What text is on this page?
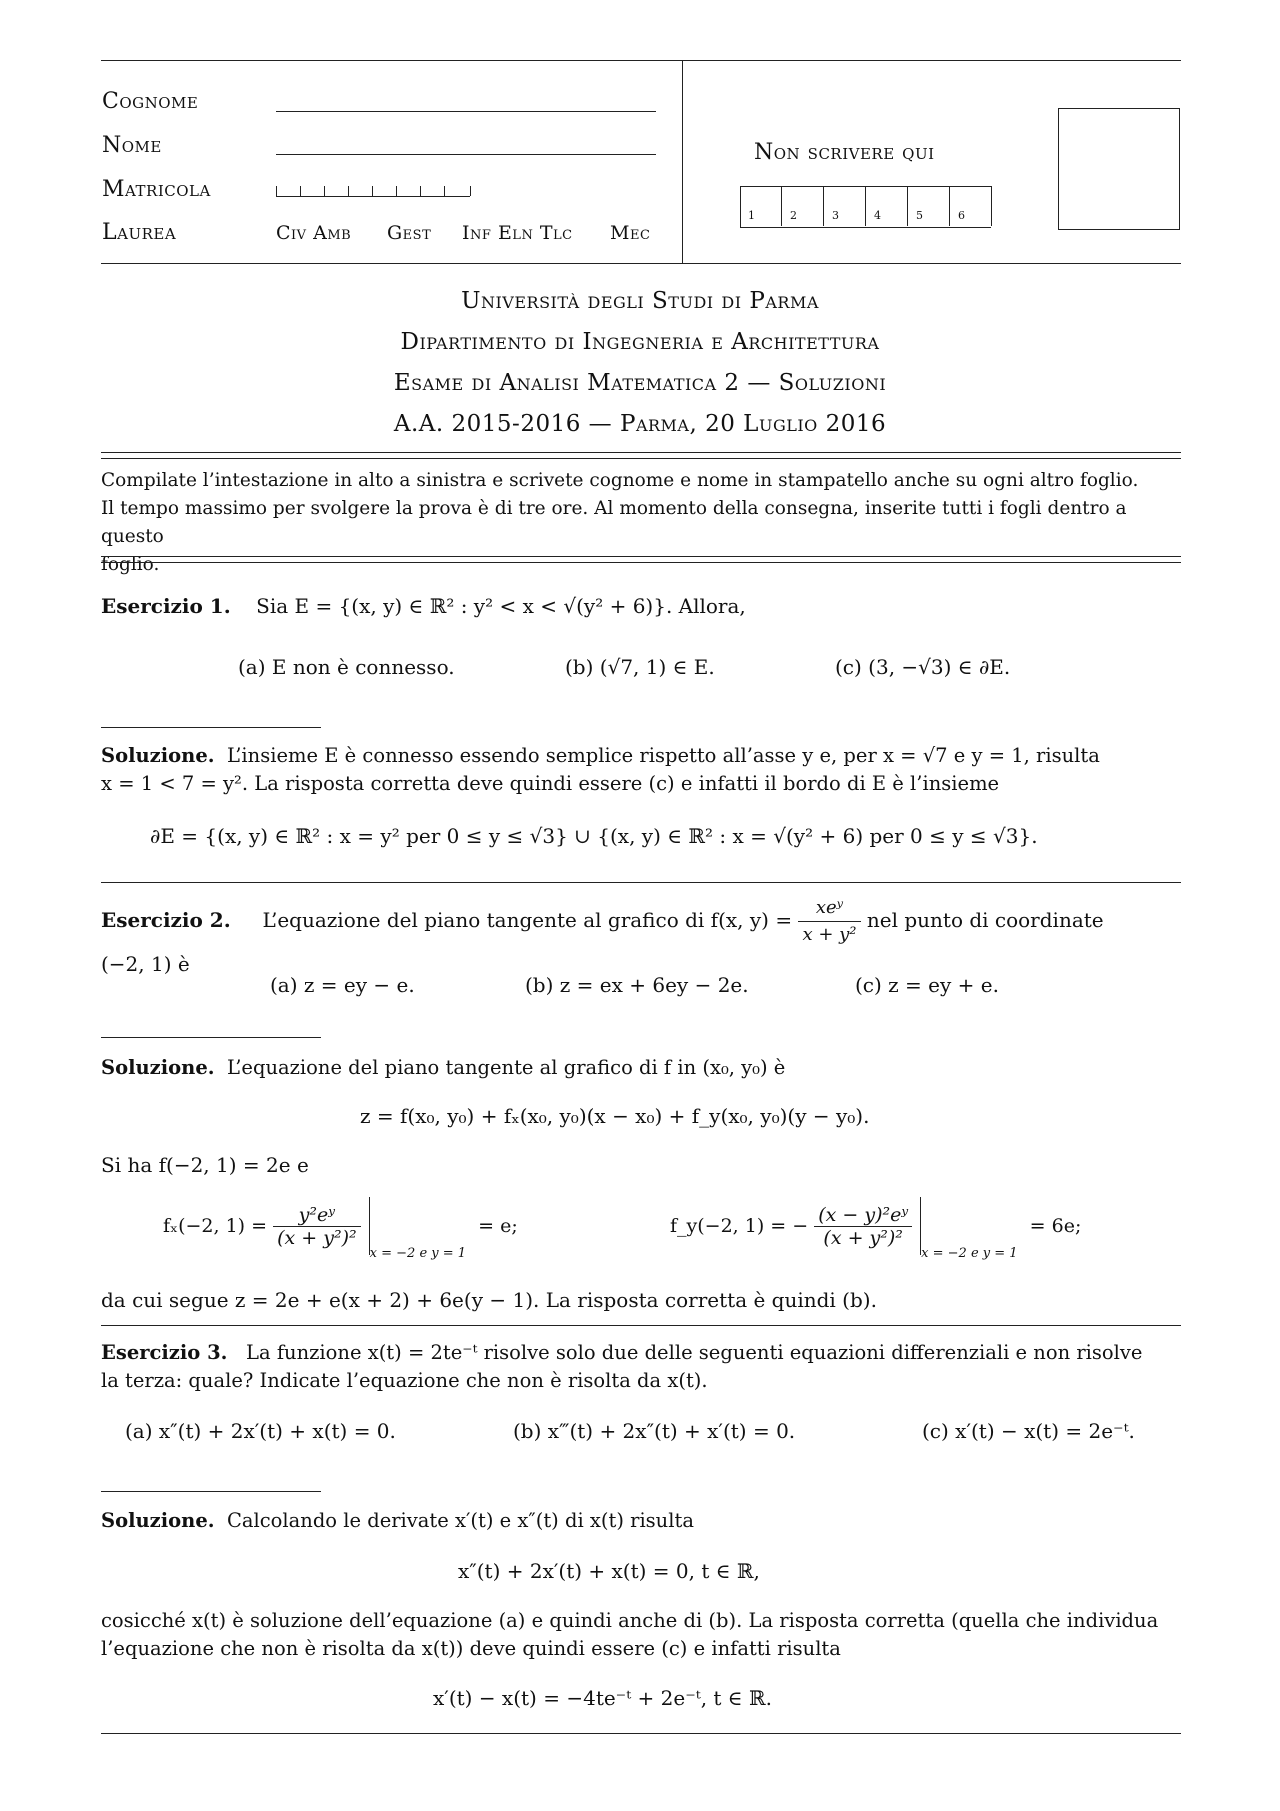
Cognome
Nome
Matricola
Laurea	Civ Amb Gest Inf Eln Tlc Mec
Non scrivere qui
1	2	3	4	5	6
Università degli Studi di Parma
Dipartimento di Ingegneria e Architettura
Esame di Analisi Matematica 2 — Soluzioni
A.A. 2015-2016 — Parma, 20 Luglio 2016
Compilate l’intestazione in alto a sinistra e scrivete cognome e nome in stampatello anche su ogni altro foglio.
Il tempo massimo per svolgere la prova è di tre ore. Al momento della consegna, inserite tutti i fogli dentro a questo
foglio.
Esercizio 1. Sia E = {(x, y) ∈ ℝ² : y² < x < √(y² + 6)}. Allora,
(a) E non è connesso.	(b) (√7, 1) ∈ E.	(c) (3, −√3) ∈ ∂E.
Soluzione. L’insieme E è connesso essendo semplice rispetto all’asse y e, per x = √7 e y = 1, risulta
x = 1 < 7 = y². La risposta corretta deve quindi essere (c) e infatti il bordo di E è l’insieme
∂E = {(x, y) ∈ ℝ² : x = y² per 0 ≤ y ≤ √3} ∪ {(x, y) ∈ ℝ² : x = √(y² + 6) per 0 ≤ y ≤ √3}.
Esercizio 2. L’equazione del piano tangente al grafico di f(x, $y) = \frac{\text{xeʸ}}{\text{x + y²}}$ nel punto di coordinate
(−2, 1) è
(a) z = ey − e.	(b) z = ex + 6ey − 2e.	(c) z = ey + e.
Soluzione. L’equazione del piano tangente al grafico di f in (x₀, y₀) è
z = f(x₀, y₀) + fₓ(x₀, y₀)(x − x₀) + f_y(x₀, y₀)(y − y₀).
Si ha f(−2, 1) = 2e e
fₓ(−2, $1) = \frac{\text{y²eʸ}}{\text{(x + y²)²}}$
$_{x = -2 e y = 1}$  = e;	f_y(−2, 1) = − $\frac{\text{(x − y)²eʸ}}{\text{(x + y²)²}}$
$_{x = -2 e y = 1}$  = 6e;
da cui segue z = 2e + e(x + 2) + 6e(y − 1). La risposta corretta è quindi (b).
Esercizio 3. La funzione x(t) = 2te⁻ᵗ risolve solo due delle seguenti equazioni differenziali e non risolve
la terza: quale? Indicate l’equazione che non è risolta da x(t).
(a) x″(t) + 2x′(t) + x(t) = 0.	(b) x‴(t) + 2x″(t) + x′(t) = 0.	(c) x′(t) − x(t) = 2e⁻ᵗ.
Soluzione. Calcolando le derivate x′(t) e x″(t) di x(t) risulta
x″(t) + 2x′(t) + x(t) = 0, t ∈ ℝ,
cosicché x(t) è soluzione dell’equazione (a) e quindi anche di (b). La risposta corretta (quella che individua
l’equazione che non è risolta da x(t)) deve quindi essere (c) e infatti risulta
x′(t) − x(t) = −4te⁻ᵗ + 2e⁻ᵗ, t ∈ ℝ.
